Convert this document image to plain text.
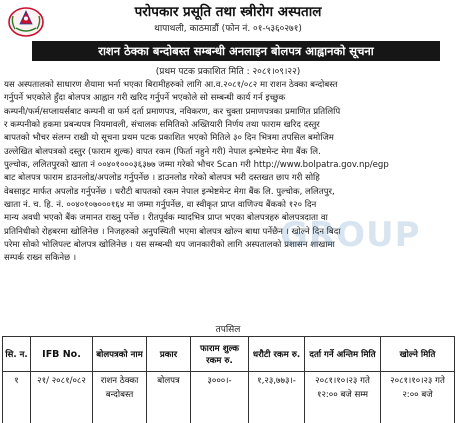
परोपकार प्रसूति तथा स्त्रीरोग अस्पताल
थापाथली, काठमाडौं (फोन नं. ०१-५३६०२७१)
राशन ठेक्का बन्दोबस्त सम्बन्धी अनलाइन बोलपत्र आह्वानको सूचना
(प्रथम पटक प्रकाशित मिति : २०८१।०९।२२)
यस अस्पतालको साधारण शैयामा भर्ना भएका बिरामीहरुको लागि आ.व.२०८१/०८२ मा राशन ठेक्का बन्दोबस्त
गर्नुपर्ने भएकोले हुँदा बोलपत्र आह्वान गरी खरिद गर्नुपर्ने भएकोले सो सम्बन्धी कार्य गर्न इच्छुक
कम्पनी/फर्म/सप्लायर्सबाट कम्पनी वा फर्म दर्ता प्रमाणपत्र, नविकरण, कर चुक्ता प्रमाणपत्रका प्रमाणित प्रतिलिपि
र कम्पनीको हकमा प्रबन्धपत्र नियमावली, संचालक समितिको अख्तियारी निर्णय तथा फाराम खरिद दस्तुर
बापतको भौचर संलग्न राखी यो सूचना प्रथम पटक प्रकाशित भएको मितिले ३० दिन भित्रमा तपसिल बमोजिम
उल्लेखित बोलपत्रको दस्तुर (फाराम शुल्क) वापत रकम (फिर्ता नहुने गरी) नेपाल इन्भेष्टमेन्ट मेगा बैंक लि.
पुल्चोक, ललितपुरको खाता नं ००४०१०००३६३७७ जम्मा गरेको भौचर Scan गरी http://www.bolpatra.gov.np/egp
बाट बोलपत्र फाराम डाउनलोड/अपलोड गर्नुपर्नेछ । डाउनलोड गरेको बोलपत्र भरी दस्तखत छाप गरी सोहि
वेबसाइट मार्फत अपलोड गर्नुपर्नेछ । धरौटी बापतको रकम नेपाल इन्भेष्टमेन्ट मेगा बैंक लि. पुल्चोक, ललितपुर,
खाता नं. च. हि. नं. ००४०१०७०००१६४ मा जम्मा गर्नुपर्नेछ, वा स्वीकृत प्राप्त वाणिज्य बैंकको १२० दिन
मान्य अवधी भएको बैंक जमानत राख्नु पर्नेछ । रीतपूर्वक म्यादभित्र प्राप्त भएका बोलपत्रहरु बोलपत्रदाता वा
प्रतिनिधीको रोहबरमा खोलिनेछ । निजहरुको अनुपस्थिती भएमा बोलपत्र खोल्न बाधा पर्नेछैन । खोल्ने दिन बिदा
परेमा सोको भोलिपल्ट बोलपत्र खोलिनेछ । यस सम्बन्धी थप जानकारीको लागि अस्पतालको प्रशासन शाखामा
सम्पर्क राख्न सकिनेछ ।
GROUP
तपसिल
सि. न.	IFB No.	बोलपत्रको नाम	प्रकार	फाराम शुल्क रकम रु.	धरौटी रकम रु.	दर्ता गर्ने अन्तिम मिति	खोल्ने मिति
१	२१/ २०८१/०८२	राशन ठेक्का बन्दोबस्त	बोलपत्र	३०००।-	१,२३,७७३।-	२०८१।१०।२३ गते १२:०० बजे सम्म	२०८१।१०।२३ गते २:०० बजे
